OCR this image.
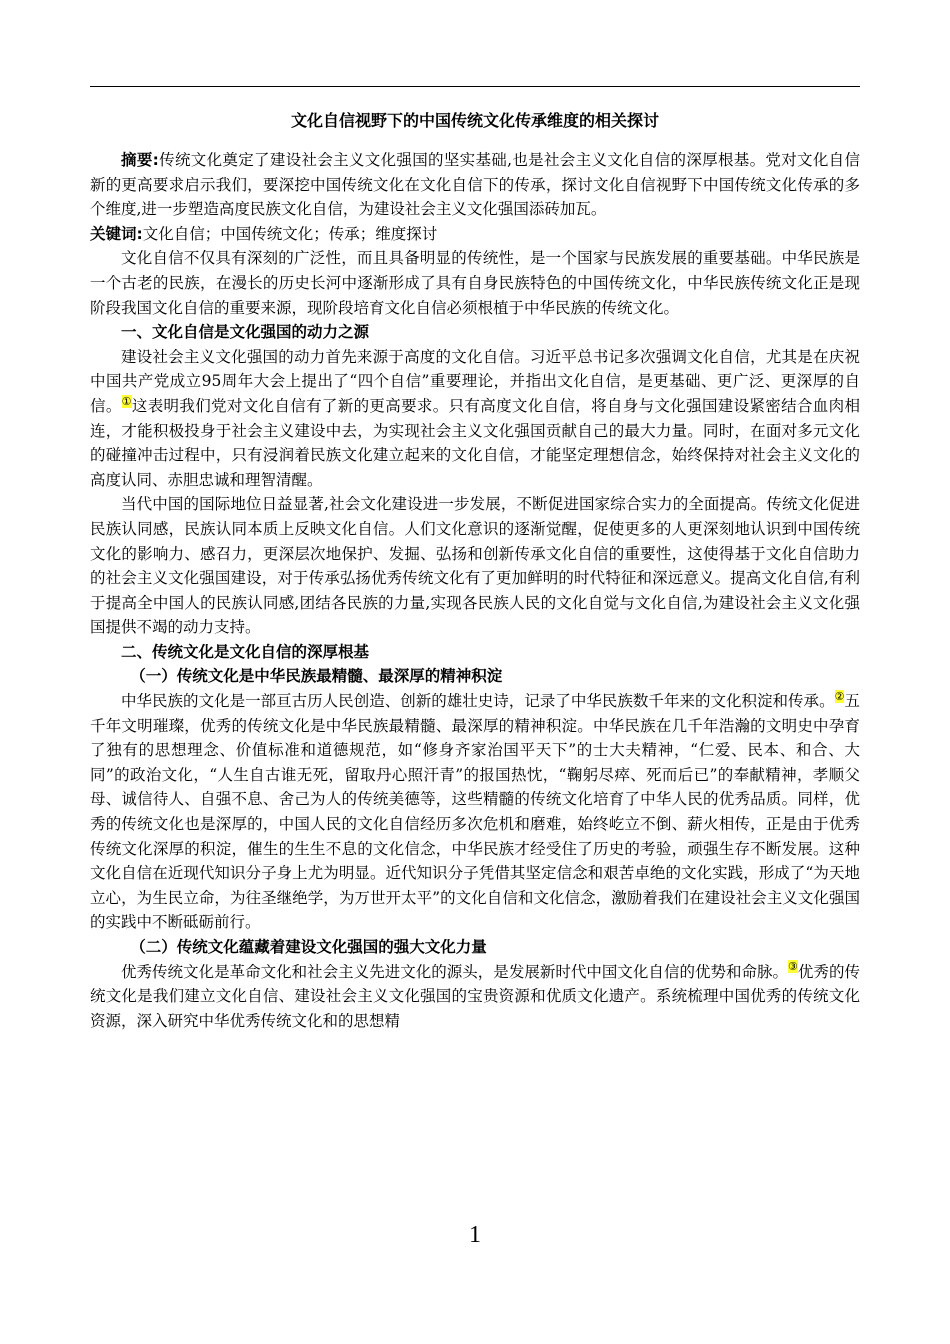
文化自信视野下的中国传统文化传承维度的相关探讨

摘要:传统文化奠定了建设社会主义文化强国的坚实基础,也是社会主义文化自信的深厚根基。党对文化自信新的更高要求启示我们，要深挖中国传统文化在文化自信下的传承，探讨文化自信视野下中国传统文化传承的多个维度,进一步塑造高度民族文化自信，为建设社会主义文化强国添砖加瓦。

关键词:文化自信；中国传统文化；传承；维度探讨

文化自信不仅具有深刻的广泛性，而且具备明显的传统性，是一个国家与民族发展的重要基础。中华民族是一个古老的民族，在漫长的历史长河中逐渐形成了具有自身民族特色的中国传统文化，中华民族传统文化正是现阶段我国文化自信的重要来源，现阶段培育文化自信必须根植于中华民族的传统文化。

一、文化自信是文化强国的动力之源

建设社会主义文化强国的动力首先来源于高度的文化自信。习近平总书记多次强调文化自信，尤其是在庆祝中国共产党成立95周年大会上提出了“四个自信”重要理论，并指出文化自信，是更基础、更广泛、更深厚的自信。①这表明我们党对文化自信有了新的更高要求。只有高度文化自信，将自身与文化强国建设紧密结合血肉相连，才能积极投身于社会主义建设中去，为实现社会主义文化强国贡献自己的最大力量。同时，在面对多元文化的碰撞冲击过程中，只有浸润着民族文化建立起来的文化自信，才能坚定理想信念，始终保持对社会主义文化的高度认同、赤胆忠诚和理智清醒。

当代中国的国际地位日益显著,社会文化建设进一步发展，不断促进国家综合实力的全面提高。传统文化促进民族认同感，民族认同本质上反映文化自信。人们文化意识的逐渐觉醒，促使更多的人更深刻地认识到中国传统文化的影响力、感召力，更深层次地保护、发掘、弘扬和创新传承文化自信的重要性，这使得基于文化自信助力的社会主义文化强国建设，对于传承弘扬优秀传统文化有了更加鲜明的时代特征和深远意义。提高文化自信,有利于提高全中国人的民族认同感,团结各民族的力量,实现各民族人民的文化自觉与文化自信,为建设社会主义文化强国提供不竭的动力支持。

二、传统文化是文化自信的深厚根基

（一）传统文化是中华民族最精髓、最深厚的精神积淀

中华民族的文化是一部亘古历人民创造、创新的雄壮史诗，记录了中华民族数千年来的文化积淀和传承。②五千年文明璀璨，优秀的传统文化是中华民族最精髓、最深厚的精神积淀。中华民族在几千年浩瀚的文明史中孕育了独有的思想理念、价值标准和道德规范，如“修身齐家治国平天下”的士大夫精神，“仁爱、民本、和合、大同”的政治文化，“人生自古谁无死，留取丹心照汗青”的报国热忱，“鞠躬尽瘁、死而后已”的奉献精神，孝顺父母、诚信待人、自强不息、舍己为人的传统美德等，这些精髓的传统文化培育了中华人民的优秀品质。同样，优秀的传统文化也是深厚的，中国人民的文化自信经历多次危机和磨难，始终屹立不倒、薪火相传，正是由于优秀传统文化深厚的积淀，催生的生生不息的文化信念，中华民族才经受住了历史的考验，顽强生存不断发展。这种文化自信在近现代知识分子身上尤为明显。近代知识分子凭借其坚定信念和艰苦卓绝的文化实践，形成了“为天地立心，为生民立命，为往圣继绝学，为万世开太平”的文化自信和文化信念，激励着我们在建设社会主义文化强国的实践中不断砥砺前行。

（二）传统文化蕴藏着建设文化强国的强大文化力量

优秀传统文化是革命文化和社会主义先进文化的源头，是发展新时代中国文化自信的优势和命脉。③优秀的传统文化是我们建立文化自信、建设社会主义文化强国的宝贵资源和优质文化遗产。系统梳理中国优秀的传统文化资源，深入研究中华优秀传统文化和的思想精

1
